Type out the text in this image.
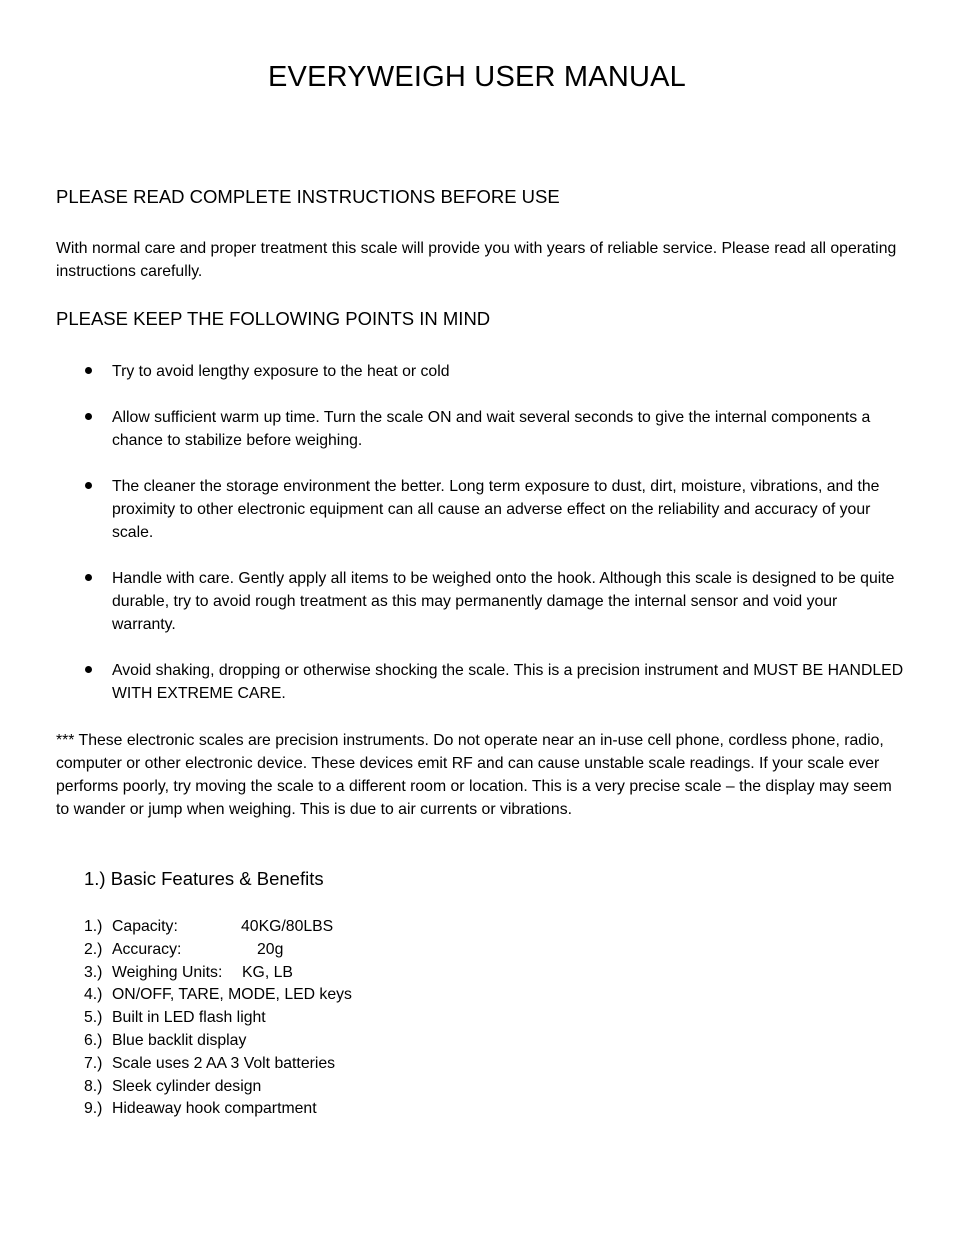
EVERYWEIGH USER MANUAL
PLEASE READ COMPLETE INSTRUCTIONS BEFORE USE
With normal care and proper treatment this scale will provide you with years of reliable service. Please read all operating instructions carefully.
PLEASE KEEP THE FOLLOWING POINTS IN MIND
Try to avoid lengthy exposure to the heat or cold
Allow sufficient warm up time. Turn the scale ON and wait several seconds to give the internal components a chance to stabilize before weighing.
The cleaner the storage environment the better. Long term exposure to dust, dirt, moisture, vibrations, and the proximity to other electronic equipment can all cause an adverse effect on the reliability and accuracy of your scale.
Handle with care. Gently apply all items to be weighed onto the hook. Although this scale is designed to be quite durable, try to avoid rough treatment as this may permanently damage the internal sensor and void your warranty.
Avoid shaking, dropping or otherwise shocking the scale. This is a precision instrument and MUST BE HANDLED WITH EXTREME CARE.
*** These electronic scales are precision instruments. Do not operate near an in-use cell phone, cordless phone, radio, computer or other electronic device. These devices emit RF and can cause unstable scale readings. If your scale ever performs poorly, try moving the scale to a different room or location. This is a very precise scale – the display may seem to wander or jump when weighing. This is due to air currents or vibrations.
1.) Basic Features & Benefits
1.) Capacity:	40KG/80LBS
2.) Accuracy:	20g
3.) Weighing Units: KG, LB
4.) ON/OFF, TARE, MODE, LED keys
5.) Built in LED flash light
6.) Blue backlit display
7.) Scale uses 2 AA 3 Volt batteries
8.) Sleek cylinder design
9.) Hideaway hook compartment
